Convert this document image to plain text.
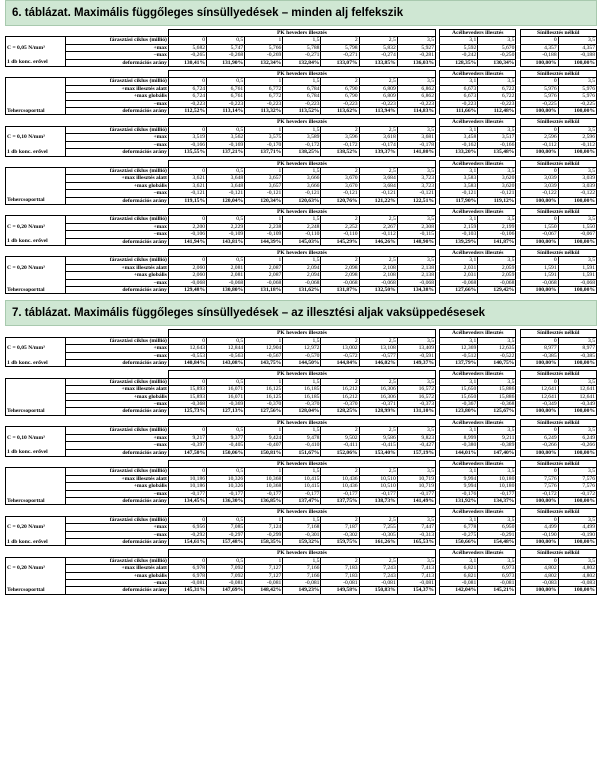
6. táblázat. Maximális függőleges sínsüllyedések – minden alj felfekszik
		PK heveders illesztés								Acélheveders illesztés			Sínillesztés nélkül	
	fárasztási ciklus (millió)	0	0,5	1	1,5	2	2,5	3,5		3,1	3,5		0	3,5
C = 0,05 N/mm³	+max	5,682	5,747	5,766	5,788	5,798	5,832	5,927		5,592	5,670		4,357	4,357
	–max	-0,265	-0,268	-0,269	-0,271	-0,271	-0,274	-0,281		-0,242	-0,250		-0,188	-0,188
1 db konc. erővel	deformációs arány	130,41%	131,90%	132,34%	132,84%	133,07%	133,85%	136,03%		128,35%	130,34%		100,00%	100,00%
		PK heveders illesztés								Acélheveders illesztés			Sínillesztés nélkül	
	fárasztási ciklus (millió)	0	0,5	1	1,5	2	2,5	3,5		3,1	3,5		0	3,5
	+max illesztés alatt	6,724	6,761	6,772	6,784	6,790	6,809	6,862		6,673	6,722		5,976	5,976
	+max globális	6,724	6,761	6,772	6,784	6,790	6,809	6,862		6,673	6,722		5,976	5,976
	–max	-0,223	-0,223	-0,223	-0,223	-0,223	-0,223	-0,223		-0,223	-0,223		-0,225	-0,225
Tehercsoporttal	deformációs arány	112,52%	113,14%	113,32%	113,52%	113,62%	113,94%	114,83%		111,66%	112,48%		100,00%	100,00%
		PK heveders illesztés								Acélheveders illesztés			Sínillesztés nélkül	
	fárasztási ciklus (millió)	0	0,5	1	1,5	2	2,5	3,5		3,1	3,5		0	3,5
C = 0,10 N/mm³	+max	3,519	3,562	3,575	3,589	3,596	3,618	3,681		3,458	3,517		2,596	2,596
	–max	-0,166	-0,169	-0,170	-0,172	-0,172	-0,174	-0,178		-0,162	-0,166		-0,112	-0,112
1 db konc. erővel	deformációs arány	135,55%	137,21%	137,71%	138,25%	138,52%	139,37%	141,80%		133,20%	135,48%		100,00%	100,00%
		PK heveders illesztés								Acélheveders illesztés			Sínillesztés nélkül	
	fárasztási ciklus (millió)	0	0,5	1	1,5	2	2,5	3,5		3,1	3,5		0	3,5
	+max illesztés alatt	3,621	3,648	3,657	3,666	3,670	3,684	3,723		3,583	3,620		3,039	3,039
	+max globális	3,621	3,648	3,657	3,666	3,670	3,684	3,723		3,583	3,620		3,039	3,039
	–max	-0,121	-0,121	-0,121	-0,121	-0,121	-0,121	-0,121		-0,121	-0,121		-0,122	-0,122
Tehercsoporttal	deformációs arány	119,15%	120,04%	120,34%	120,63%	120,76%	121,22%	122,51%		117,90%	119,12%		100,00%	100,00%
		PK heveders illesztés								Acélheveders illesztés			Sínillesztés nélkül	
	fárasztási ciklus (millió)	0	0,5	1	1,5	2	2,5	3,5		3,1	3,5		0	3,5
C = 0,20 N/mm³	+max	2,200	2,229	2,238	2,248	2,252	2,267	2,308		2,159	2,199		1,550	1,550
	–max	-0,106	-0,109	-0,109	-0,110	-0,110	-0,112	-0,115		-0,103	-0,106		-0,067	-0,067
1 db konc. erővel	deformációs arány	141,94%	143,81%	144,39%	145,03%	145,29%	146,26%	148,90%		139,29%	141,87%		100,00%	100,00%
		PK heveders illesztés								Acélheveders illesztés			Sínillesztés nélkül	
	fárasztási ciklus (millió)	0	0,5	1	1,5	2	2,5	3,5		3,1	3,5		0	3,5
C = 0,20 N/mm³	+max illesztés alatt	2,060	2,081	2,087	2,094	2,098	2,108	2,138		2,031	2,059		1,591	1,591
	+max globális	2,060	2,081	2,087	2,094	2,098	2,108	2,138		2,031	2,059		1,591	1,591
	–max	-0,068	-0,068	-0,068	-0,068	-0,068	-0,068	-0,068		-0,068	-0,068		-0,068	-0,068
Tehercsoporttal	deformációs arány	129,48%	130,80%	131,18%	131,62%	131,87%	132,50%	134,38%		127,66%	129,42%		100,00%	100,00%
7. táblázat. Maximális függőleges sínsüllyedések – az illesztési aljak vaksüppedésesek
		PK heveders illesztés								Acélheveders illesztés			Sínillesztés nélkül	
	fárasztási ciklus (millió)	0	0,5	1	1,5	2	2,5	3,5		3,1	3,5		0	3,5
C = 0,05 N/mm³	+max	12,643	12,844	12,904	12,972	13,002	13,108	13,409		12,369	12,635		8,977	8,977
	–max	-0,553	-0,563	-0,567	-0,570	-0,572	-0,577	-0,591		-0,512	-0,522		-0,385	-0,385
1 db konc. erővel	deformációs arány	140,84%	143,08%	143,75%	144,50%	144,84%	146,02%	149,37%		137,79%	140,75%		100,00%	100,00%
		PK heveders illesztés								Acélheveders illesztés			Sínillesztés nélkül	
	fárasztási ciklus (millió)	0	0,5	1	1,5	2	2,5	3,5		3,1	3,5		0	3,5
	+max illesztés alatt	15,893	16,071	16,125	16,185	16,212	16,306	16,572		15,650	15,886		12,641	12,641
	+max globális	15,893	16,071	16,125	16,185	16,212	16,306	16,572		15,650	15,886		12,641	12,641
	–max	-0,368	-0,369	-0,370	-0,370	-0,370	-0,371	-0,373		-0,367	-0,368		-0,349	-0,349
Tehercsoporttal	deformációs arány	125,73%	127,13%	127,56%	128,04%	128,25%	128,99%	131,10%		123,80%	125,67%		100,00%	100,00%
		PK heveders illesztés								Acélheveders illesztés			Sínillesztés nélkül	
	fárasztási ciklus (millió)	0	0,5	1	1,5	2	2,5	3,5		3,1	3,5		0	3,5
C = 0,10 N/mm³	+max	9,217	9,377	9,424	9,478	9,502	9,586	9,823		8,999	9,211		6,249	6,249
	–max	-0,397	-0,405	-0,407	-0,410	-0,411	-0,415	-0,427		-0,380	-0,389		-0,266	-0,266
1 db konc. erővel	deformációs arány	147,50%	150,06%	150,81%	151,67%	152,06%	153,40%	157,19%		144,01%	147,40%		100,00%	100,00%
		PK heveders illesztés								Acélheveders illesztés			Sínillesztés nélkül	
	fárasztási ciklus (millió)	0	0,5	1	1,5	2	2,5	3,5		3,1	3,5		0	3,5
	+max illesztés alatt	10,186	10,326	10,368	10,415	10,436	10,510	10,719		9,994	10,180		7,576	7,576
	+max globális	10,186	10,326	10,368	10,415	10,436	10,510	10,719		9,994	10,180		7,576	7,576
	–max	-0,177	-0,177	-0,177	-0,177	-0,177	-0,177	-0,177		-0,176	-0,177		-0,172	-0,172
Tehercsoporttal	deformációs arány	134,45%	136,30%	136,85%	137,47%	137,75%	138,73%	141,49%		131,92%	134,37%		100,00%	100,00%
		PK heveders illesztés								Acélheveders illesztés			Sínillesztés nélkül	
	fárasztási ciklus (millió)	0	0,5	1	1,5	2	2,5	3,5		3,1	3,5		0	3,5
C = 0,20 N/mm³	+max	6,956	7,085	7,124	7,168	7,187	7,255	7,447		6,778	6,950		4,499	4,499
	–max	-0,292	-0,297	-0,299	-0,301	-0,302	-0,305	-0,313		-0,275	-0,291		-0,190	-0,190
1 db konc. erővel	deformációs arány	154,61%	157,48%	158,35%	159,32%	159,75%	161,26%	165,53%		150,66%	154,48%		100,00%	100,00%
		PK heveders illesztés								Acélheveders illesztés			Sínillesztés nélkül	
	fárasztási ciklus (millió)	0	0,5	1	1,5	2	2,5	3,5		3,1	3,5		0	3,5
C = 0,20 N/mm³	+max illesztés alatt	6,978	7,092	7,127	7,166	7,183	7,243	7,413		6,821	6,973		4,802	4,802
	+max globális	6,978	7,092	7,127	7,166	7,183	7,243	7,413		6,821	6,973		4,802	4,802
	–max	-0,081	-0,081	-0,081	-0,081	-0,081	-0,081	-0,081		-0,081	-0,081		-0,083	-0,083
Tehercsoporttal	deformációs arány	145,31%	147,69%	148,42%	149,23%	149,58%	150,83%	154,37%		142,04%	145,21%		100,00%	100,00%
